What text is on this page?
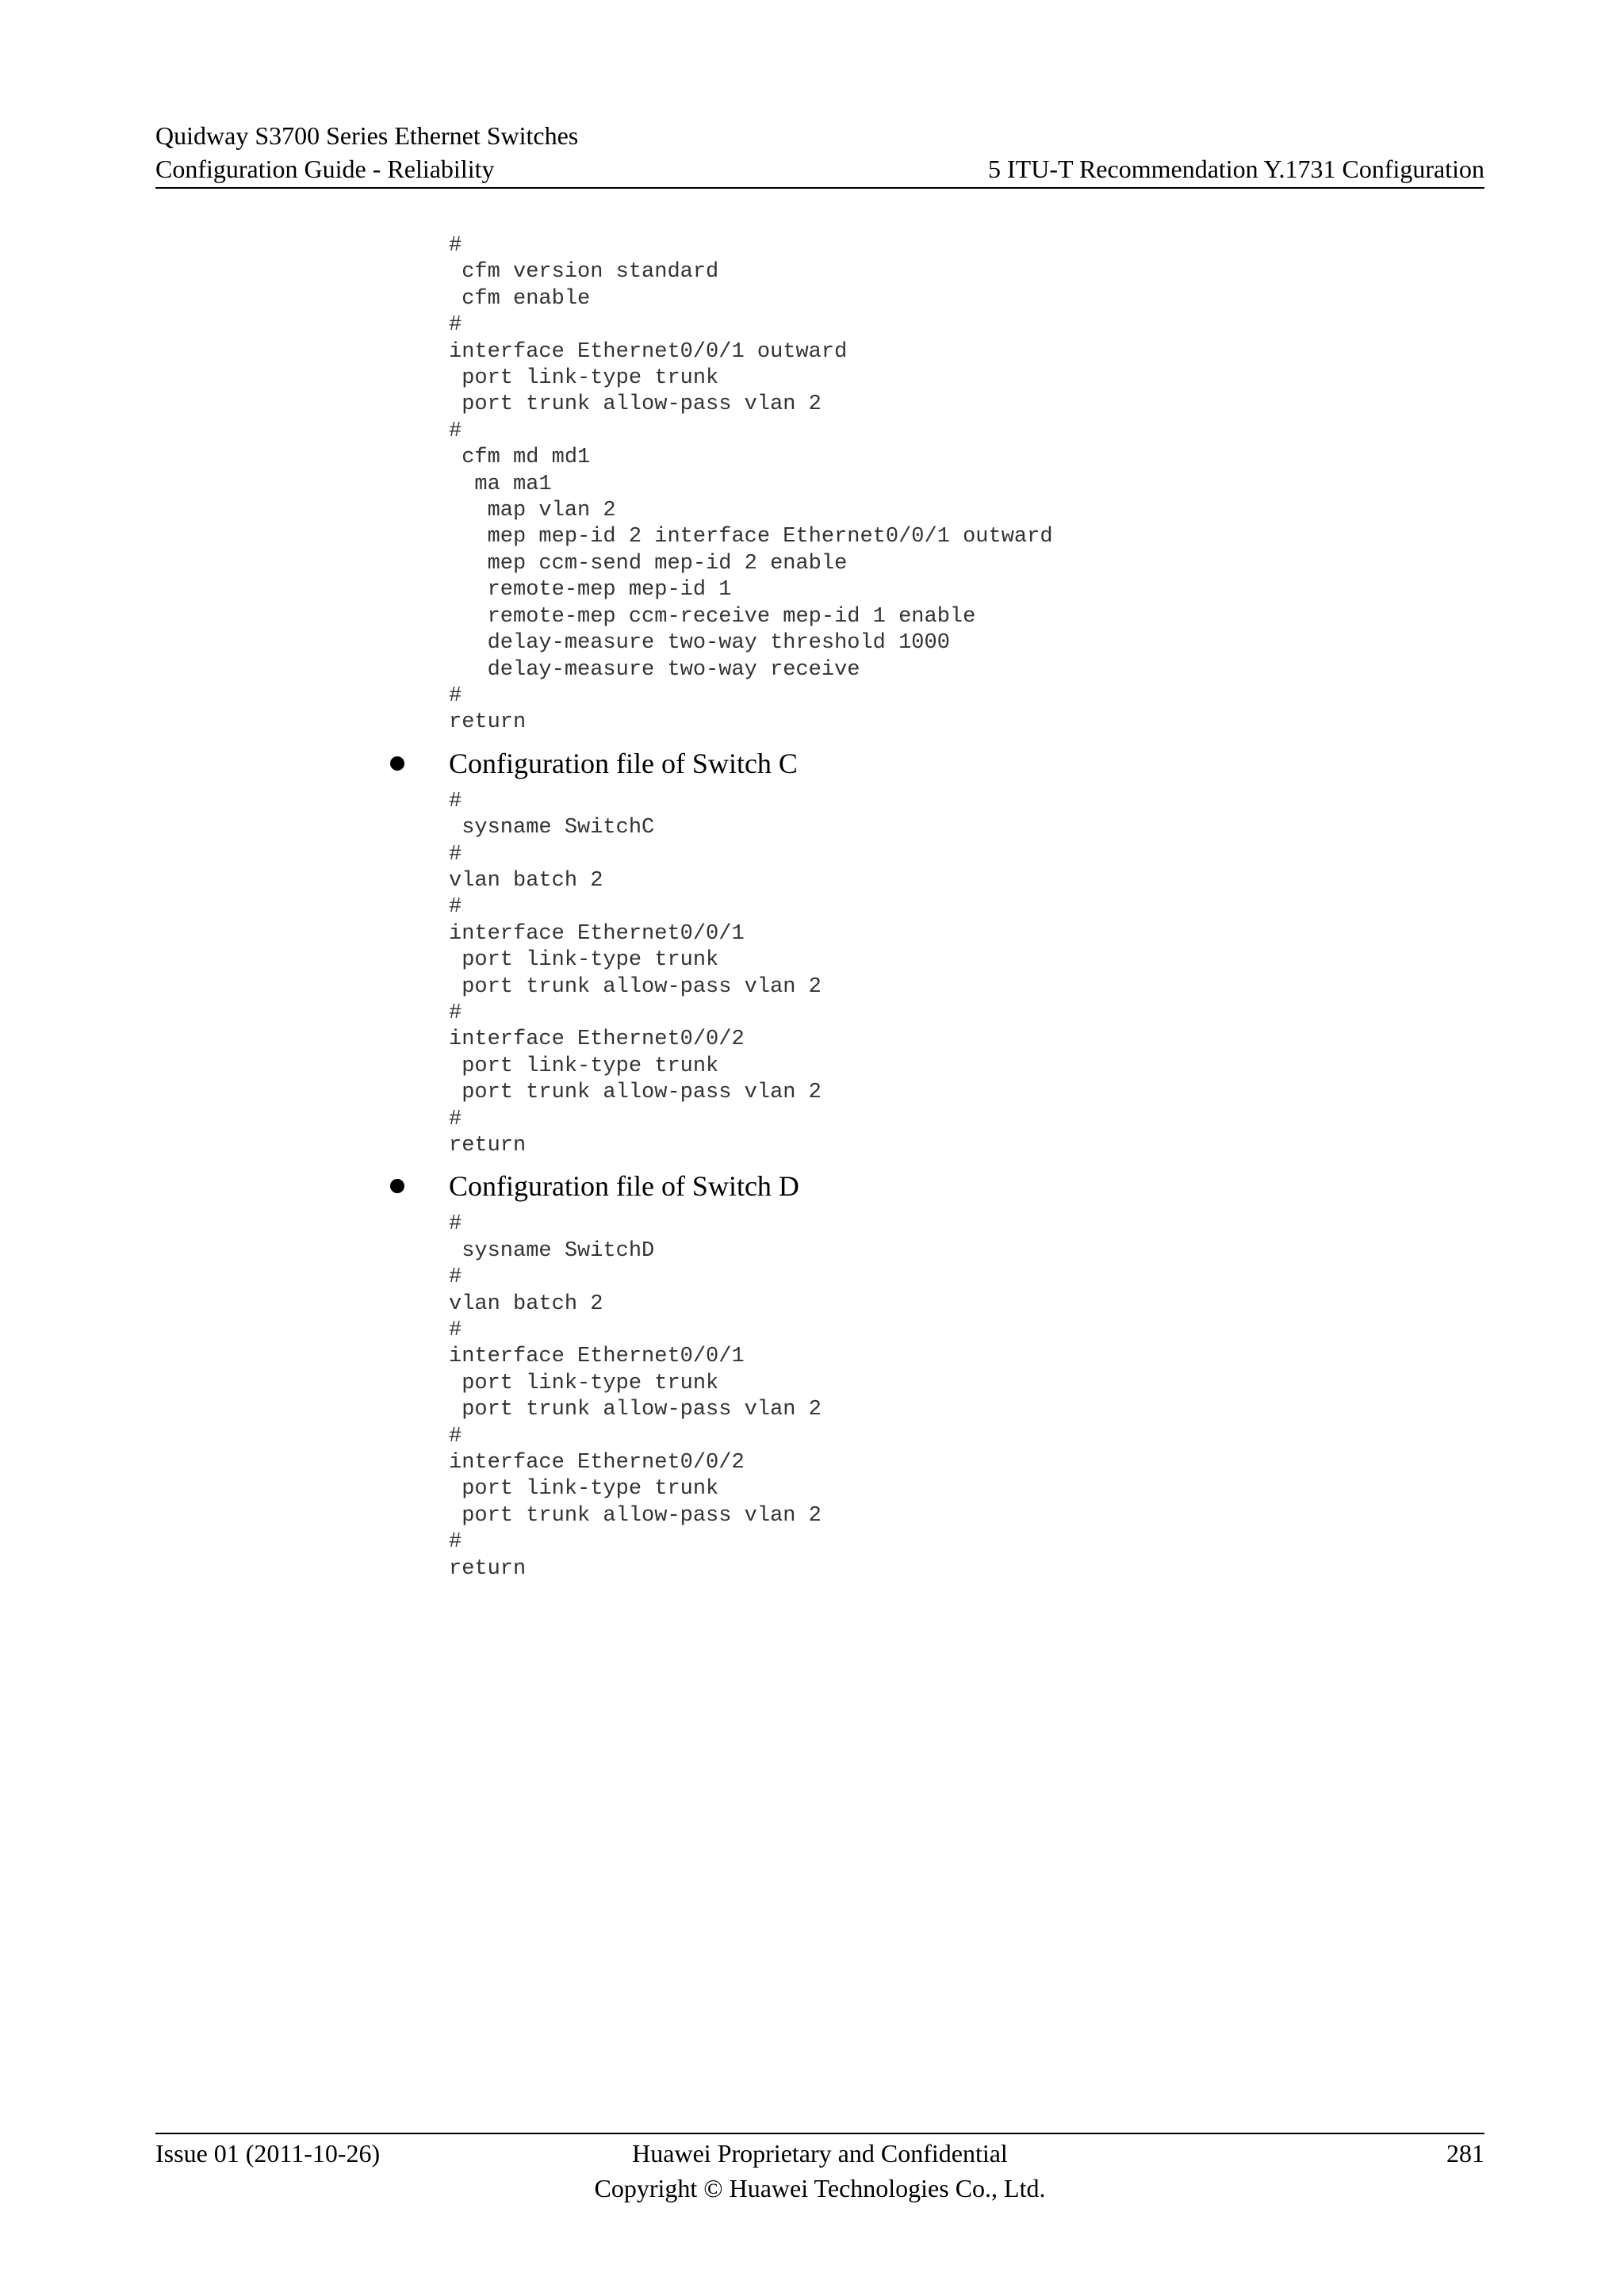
Quidway S3700 Series Ethernet Switches
Configuration Guide - Reliability	5 ITU-T Recommendation Y.1731 Configuration
#
cfm version standard
cfm enable
#
interface Ethernet0/0/1 outward
port link-type trunk
port trunk allow-pass vlan 2
#
cfm md md1
ma ma1
map vlan 2
mep mep-id 2 interface Ethernet0/0/1 outward
mep ccm-send mep-id 2 enable
remote-mep mep-id 1
remote-mep ccm-receive mep-id 1 enable
delay-measure two-way threshold 1000
delay-measure two-way receive
#
return
Configuration file of Switch C
#
sysname SwitchC
#
vlan batch 2
#
interface Ethernet0/0/1
port link-type trunk
port trunk allow-pass vlan 2
#
interface Ethernet0/0/2
port link-type trunk
port trunk allow-pass vlan 2
#
return
Configuration file of Switch D
#
sysname SwitchD
#
vlan batch 2
#
interface Ethernet0/0/1
port link-type trunk
port trunk allow-pass vlan 2
#
interface Ethernet0/0/2
port link-type trunk
port trunk allow-pass vlan 2
#
return
Issue 01 (2011-10-26)	Huawei Proprietary and Confidential
Copyright © Huawei Technologies Co., Ltd.
281
